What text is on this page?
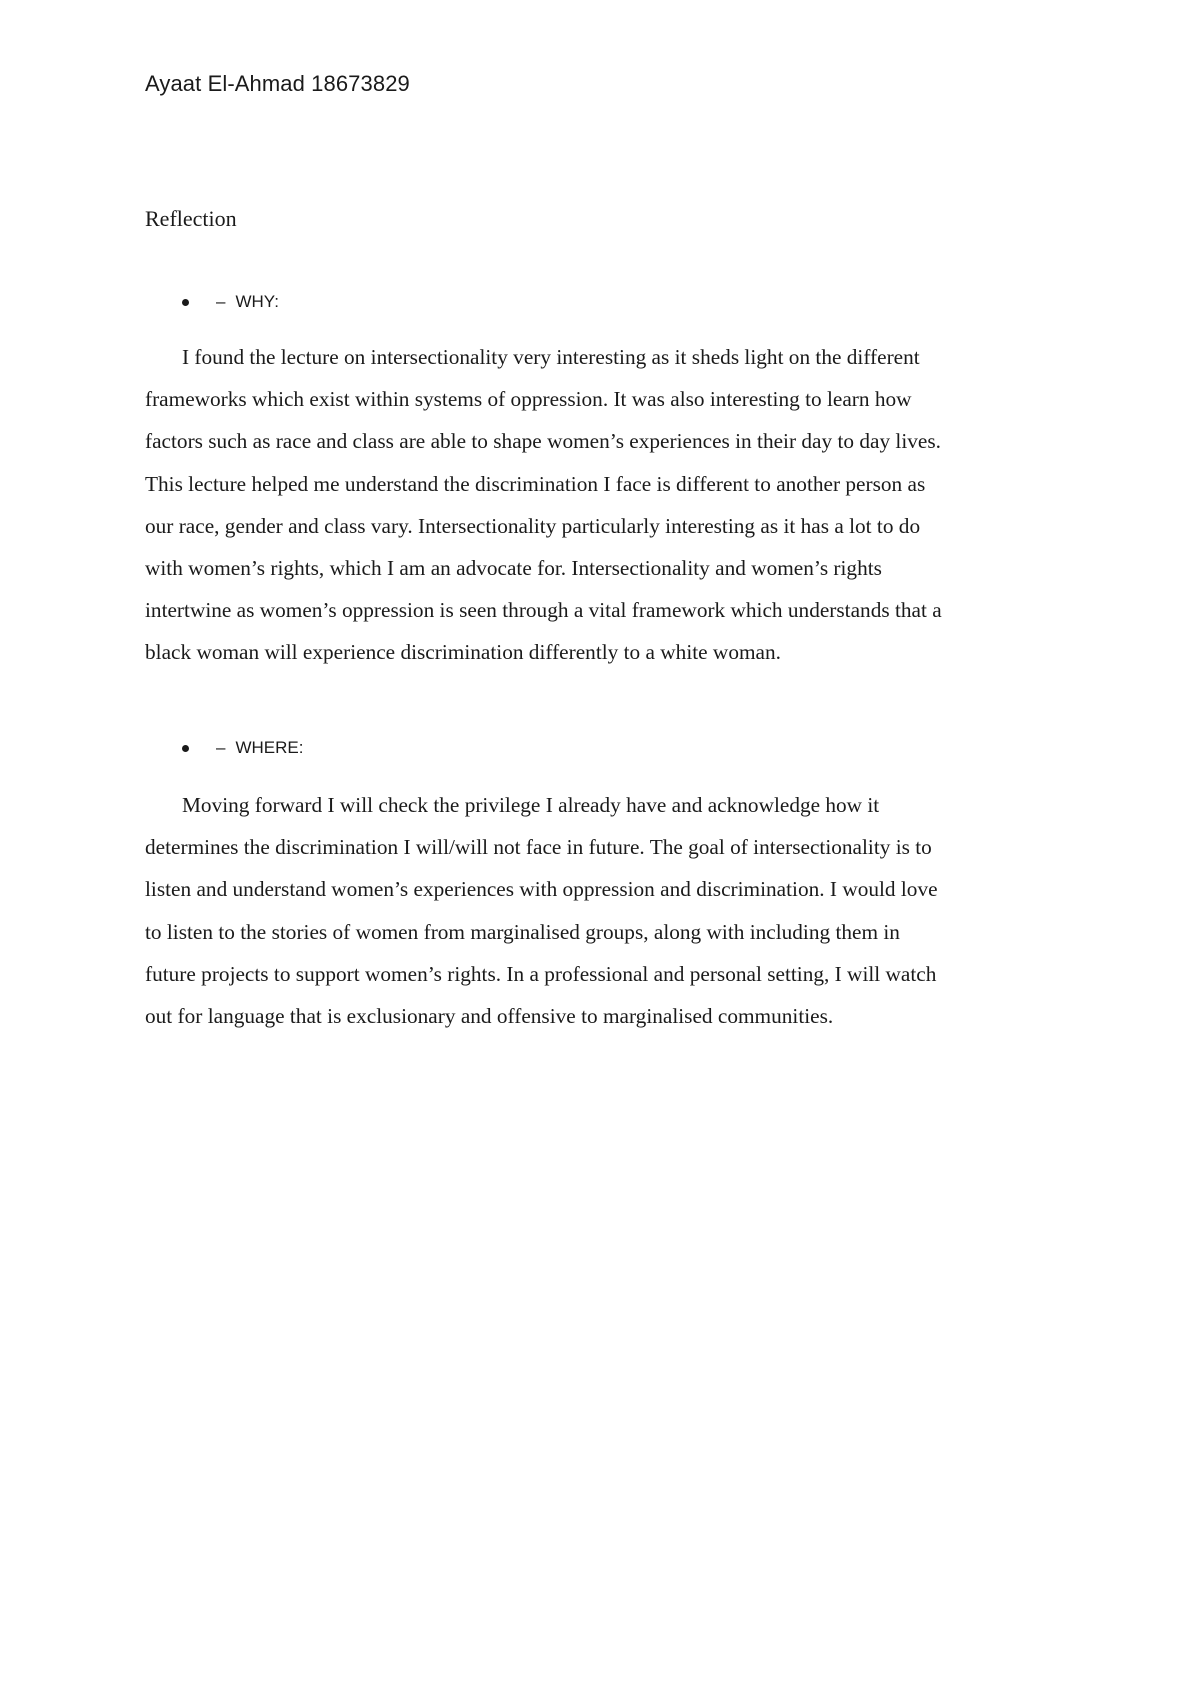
Ayaat El-Ahmad 18673829
Reflection
– WHY:
I found the lecture on intersectionality very interesting as it sheds light on the different
frameworks which exist within systems of oppression. It was also interesting to learn how
factors such as race and class are able to shape women’s experiences in their day to day lives.
This lecture helped me understand the discrimination I face is different to another person as
our race, gender and class vary. Intersectionality particularly interesting as it has a lot to do
with women’s rights, which I am an advocate for. Intersectionality and women’s rights
intertwine as women’s oppression is seen through a vital framework which understands that a
black woman will experience discrimination differently to a white woman.
– WHERE:
Moving forward I will check the privilege I already have and acknowledge how it
determines the discrimination I will/will not face in future. The goal of intersectionality is to
listen and understand women’s experiences with oppression and discrimination. I would love
to listen to the stories of women from marginalised groups, along with including them in
future projects to support women’s rights. In a professional and personal setting, I will watch
out for language that is exclusionary and offensive to marginalised communities.
